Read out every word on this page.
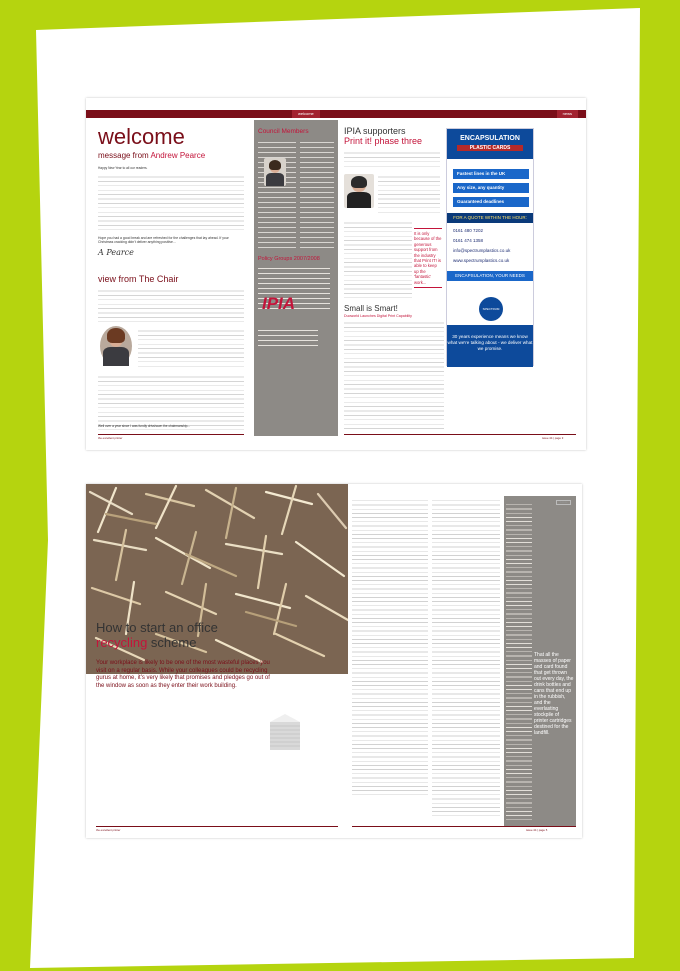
welcome	news
welcome
message from Andrew Pearce
Happy New Year to all our readers.
Hope you had a good break and are refreshed for the challenges that lay ahead. If your Christmas cracking didn't deliver anything positive...
A Pearce
view from The Chair
Well over a year since I was fundly drivshown the chairmanship...
Council Members
Policy Groups 2007/2008
IPIA
the excellent printer
IPIA supporters
Print it! phase three
It is only because of the generous support from the industry that Print IT! is able to keep up the 'fantastic' work...
Small is Smart!
Duoworld Launches Digital Print Capability
issue 44 | page 3
ENCAPSULATION
PLASTIC CARDS
Fastest lines in the UK
Any size, any quantity
Guaranteed deadlines
FOR A QUOTE WITHIN THE HOUR:
0161 480 7202
0161 474 1358
info@spectrumplastics.co.uk
www.spectrumplastics.co.uk
ENCAPSULATION, YOUR NEEDS
SPECTRUM
30 years experience means we know what we're talking about - we deliver what we promise.
How to start an office
recycling scheme
Your workplace is likely to be one of the most wasteful places you visit on a regular basis. While your colleagues could be recycling gurus at home, it's very likely that promises and pledges go out of the window as soon as they enter their work building.
the excellent printer
That all the masses of paper and card found that get thrown out every day, the drink bottles and cans that end up in the rubbish, and the everlasting stockpile of printer cartridges destined for the landfill.
feature
issue 44 | page 5
Magazine
